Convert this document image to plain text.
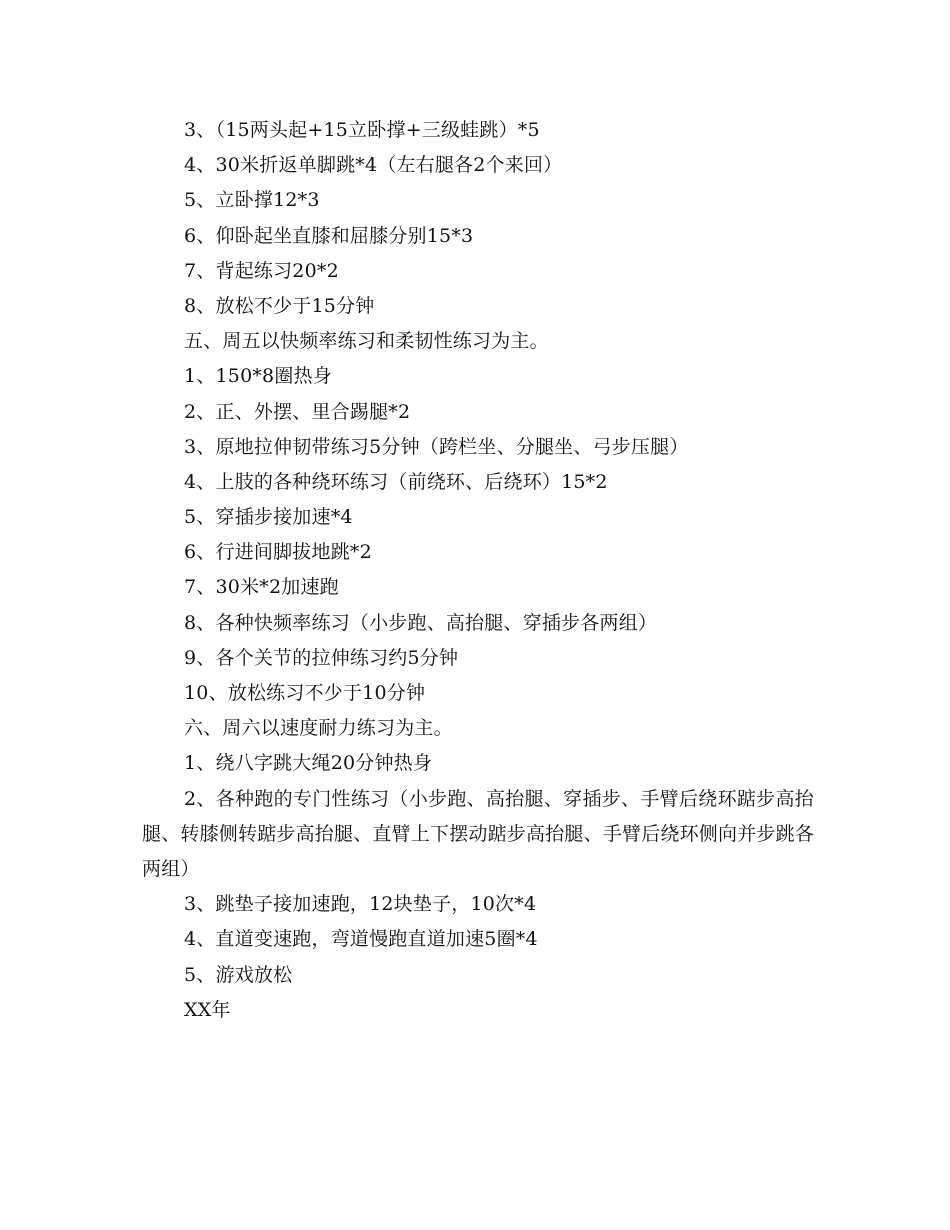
3、（15两头起+15立卧撑+三级蛙跳）*5
4、30米折返单脚跳*4（左右腿各2个来回）
5、立卧撑12*3
6、仰卧起坐直膝和屈膝分别15*3
7、背起练习20*2
8、放松不少于15分钟
五、周五以快频率练习和柔韧性练习为主。
1、150*8圈热身
2、正、外摆、里合踢腿*2
3、原地拉伸韧带练习5分钟（跨栏坐、分腿坐、弓步压腿）
4、上肢的各种绕环练习（前绕环、后绕环）15*2
5、穿插步接加速*4
6、行进间脚拔地跳*2
7、30米*2加速跑
8、各种快频率练习（小步跑、高抬腿、穿插步各两组）
9、各个关节的拉伸练习约5分钟
10、放松练习不少于10分钟
六、周六以速度耐力练习为主。
1、绕八字跳大绳20分钟热身
2、各种跑的专门性练习（小步跑、高抬腿、穿插步、手臂后绕环踮步高抬腿、转膝侧转踮步高抬腿、直臂上下摆动踮步高抬腿、手臂后绕环侧向并步跳各两组）
3、跳垫子接加速跑，12块垫子，10次*4
4、直道变速跑，弯道慢跑直道加速5圈*4
5、游戏放松
XX年
